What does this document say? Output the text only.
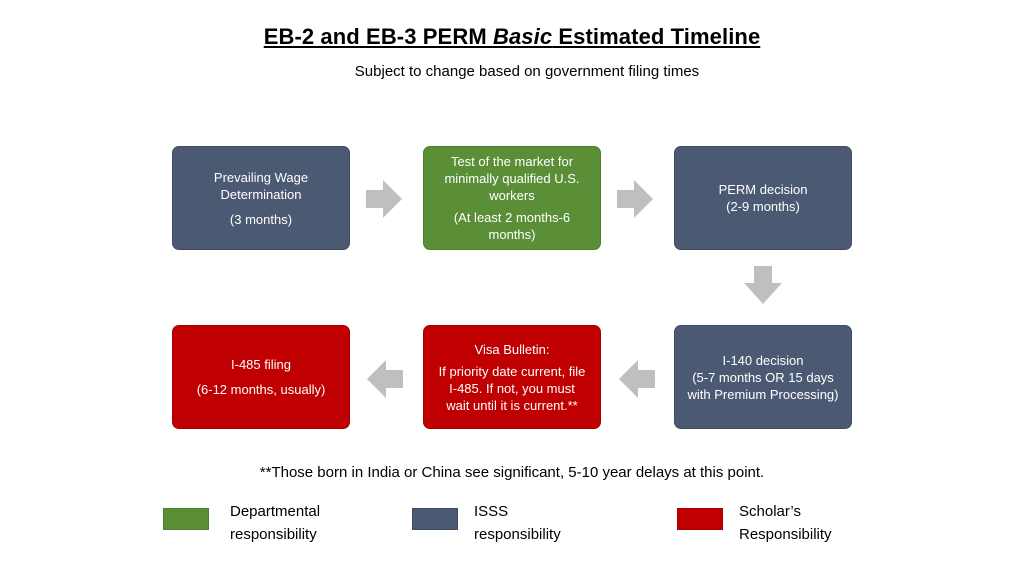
EB-2 and EB-3 PERM Basic Estimated Timeline
Subject to change based on government filing times
Prevailing Wage
Determination
(3 months)
Test of the market for
minimally qualified U.S.
workers
(At least 2 months-6
months)
PERM decision
(2-9 months)
I-485 filing
(6-12 months, usually)
Visa Bulletin:
If priority date current, file
I-485. If not, you must
wait until it is current.**
I-140 decision
(5-7 months OR 15 days
with Premium Processing)
**Those born in India or China see significant, 5-10 year delays at this point.
Departmental
responsibility
ISSS
responsibility
Scholar’s
Responsibility
